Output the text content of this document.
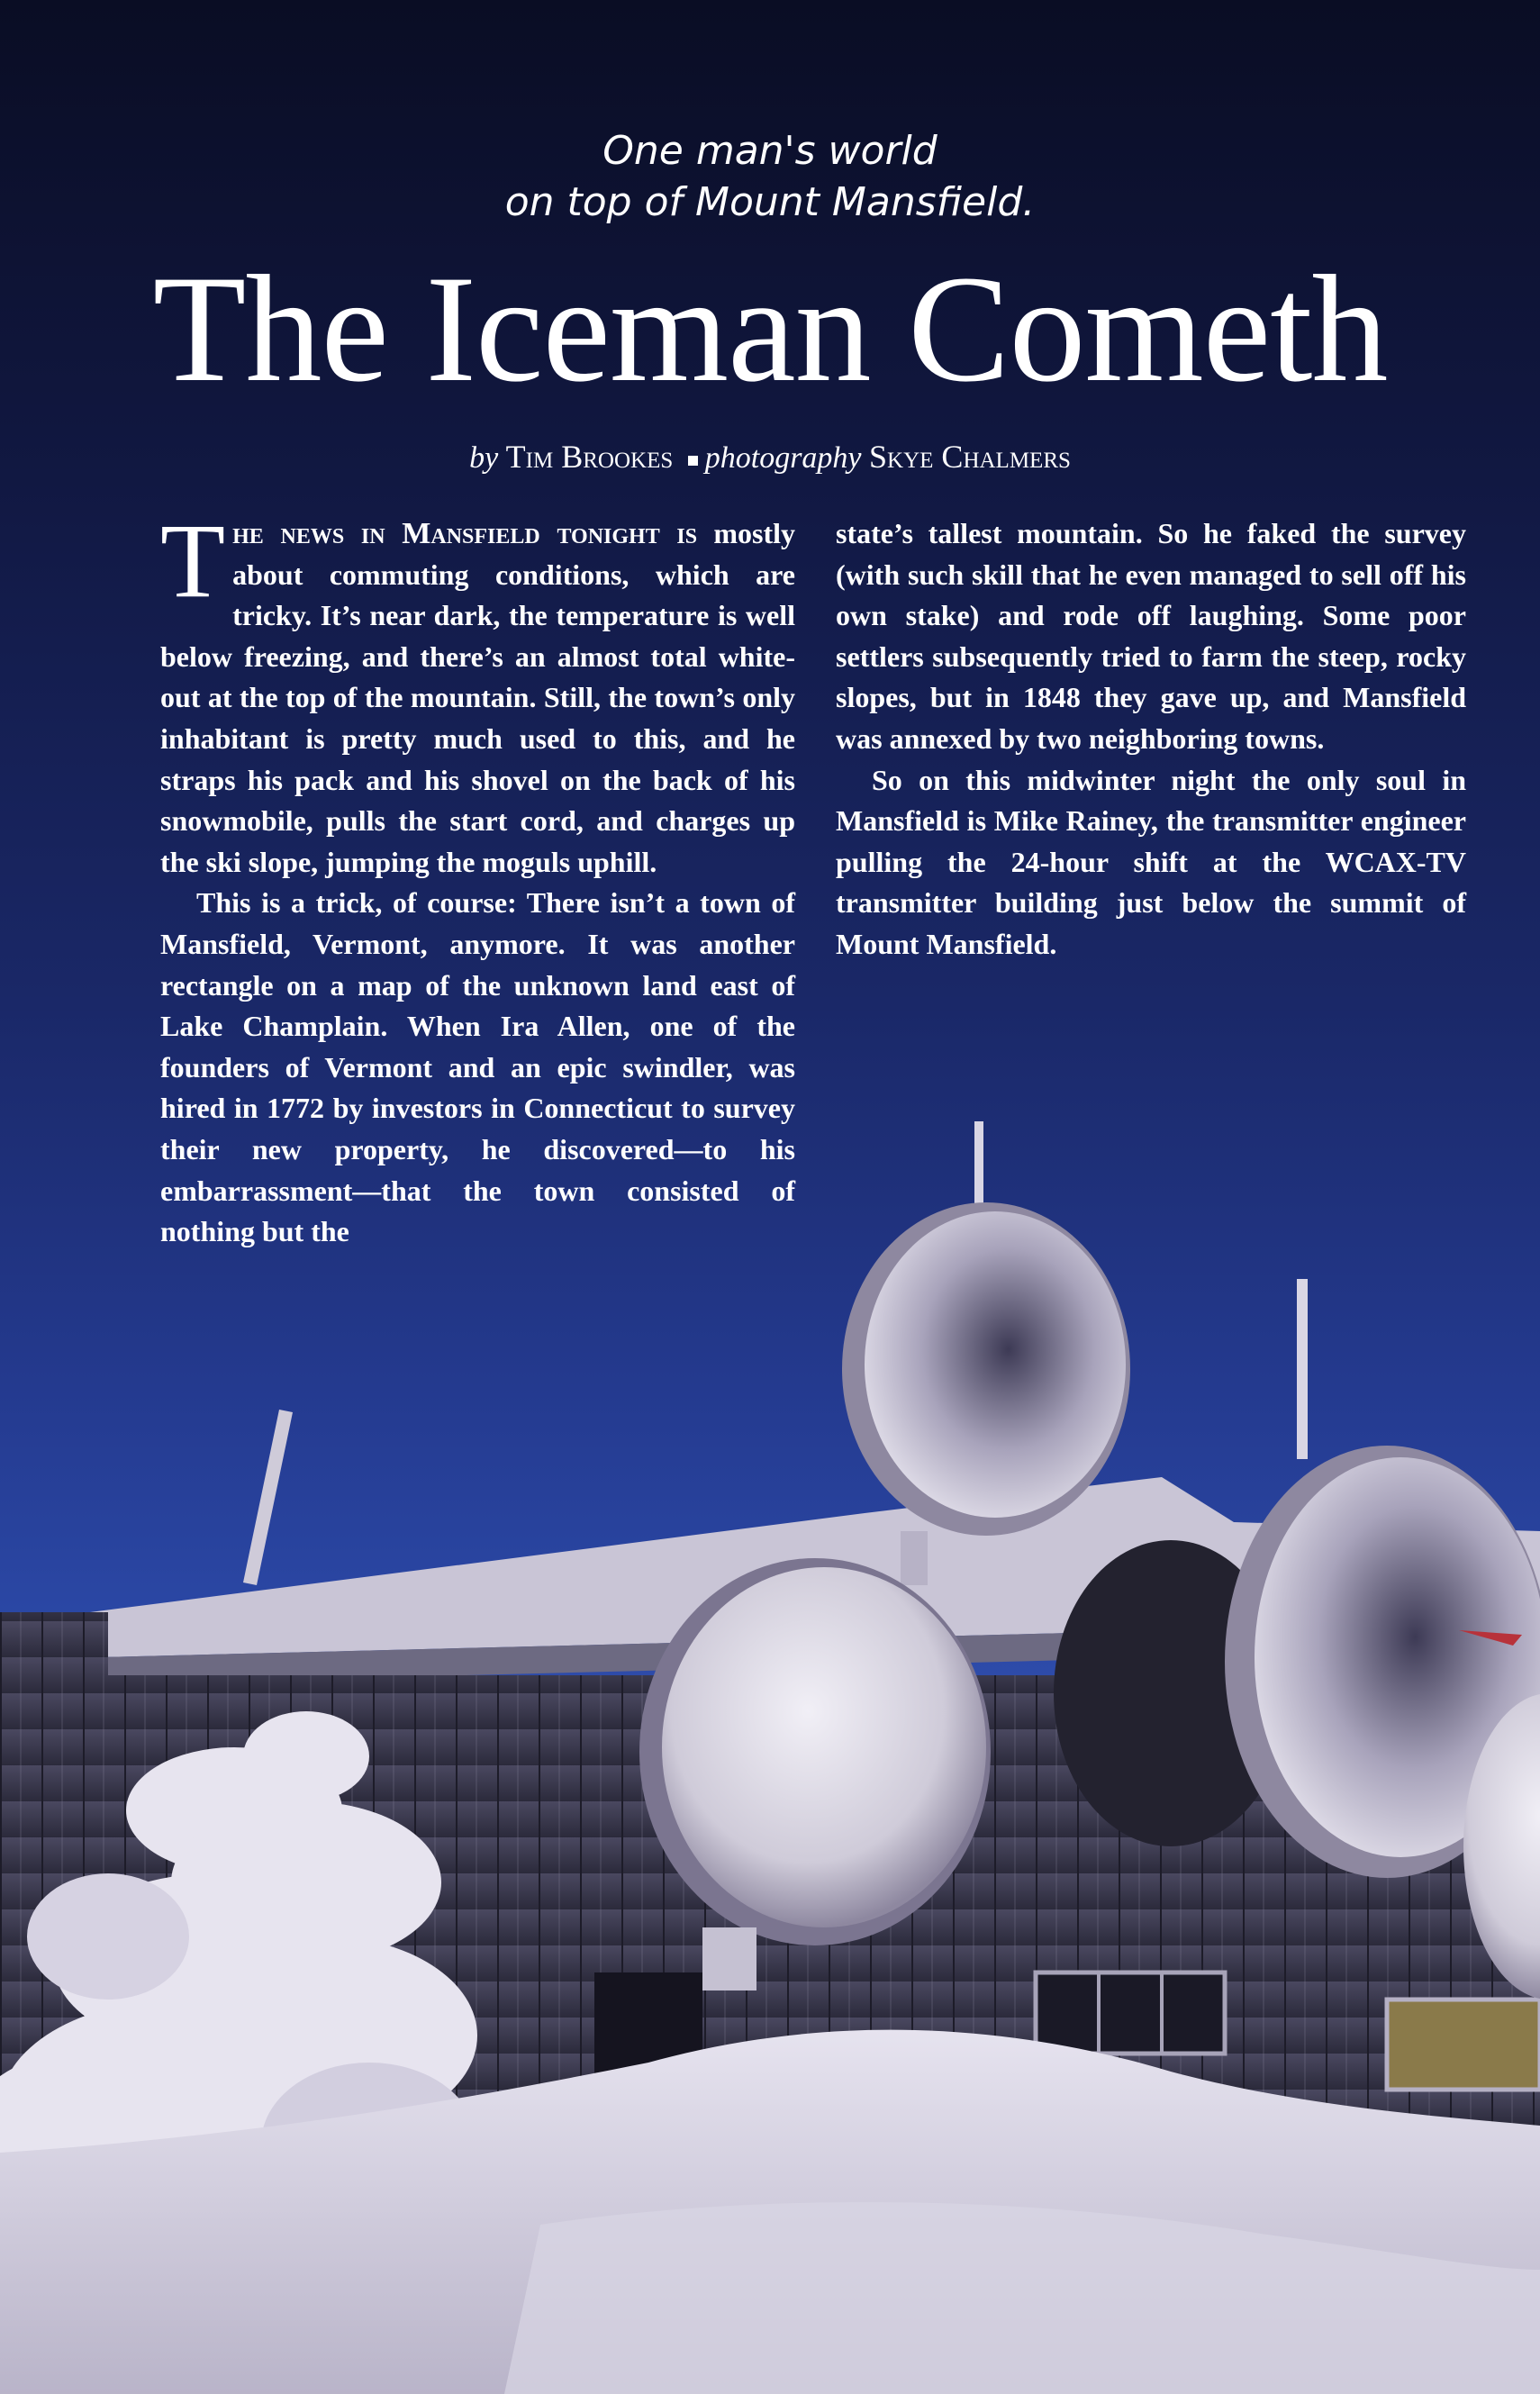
One man's world
on top of Mount Mansfield.
The Iceman Cometh
by Tim Brookes photography Skye Chalmers

The news in Mansfield tonight is mostly about commuting conditions, which are tricky. It’s near dark, the temperature is well below freezing, and there’s an almost total white-out at the top of the mountain. Still, the town’s only inhabitant is pretty much used to this, and he straps his pack and his shovel on the back of his snowmobile, pulls the start cord, and charges up the ski slope, jumping the moguls uphill.

This is a trick, of course: There isn’t a town of Mansfield, Vermont, anymore. It was another rectangle on a map of the unknown land east of Lake Champlain. When Ira Allen, one of the founders of Vermont and an epic swindler, was hired in 1772 by investors in Connecticut to survey their new property, he discovered—to his embarrassment—that the town consisted of nothing but the

state’s tallest mountain. So he faked the survey (with such skill that he even managed to sell off his own stake) and rode off laughing. Some poor settlers subsequently tried to farm the steep, rocky slopes, but in 1848 they gave up, and Mansfield was annexed by two neighboring towns.

So on this midwinter night the only soul in Mansfield is Mike Rainey, the transmitter engineer pulling the 24-hour shift at the WCAX-TV transmitter building just below the summit of Mount Mansfield.
